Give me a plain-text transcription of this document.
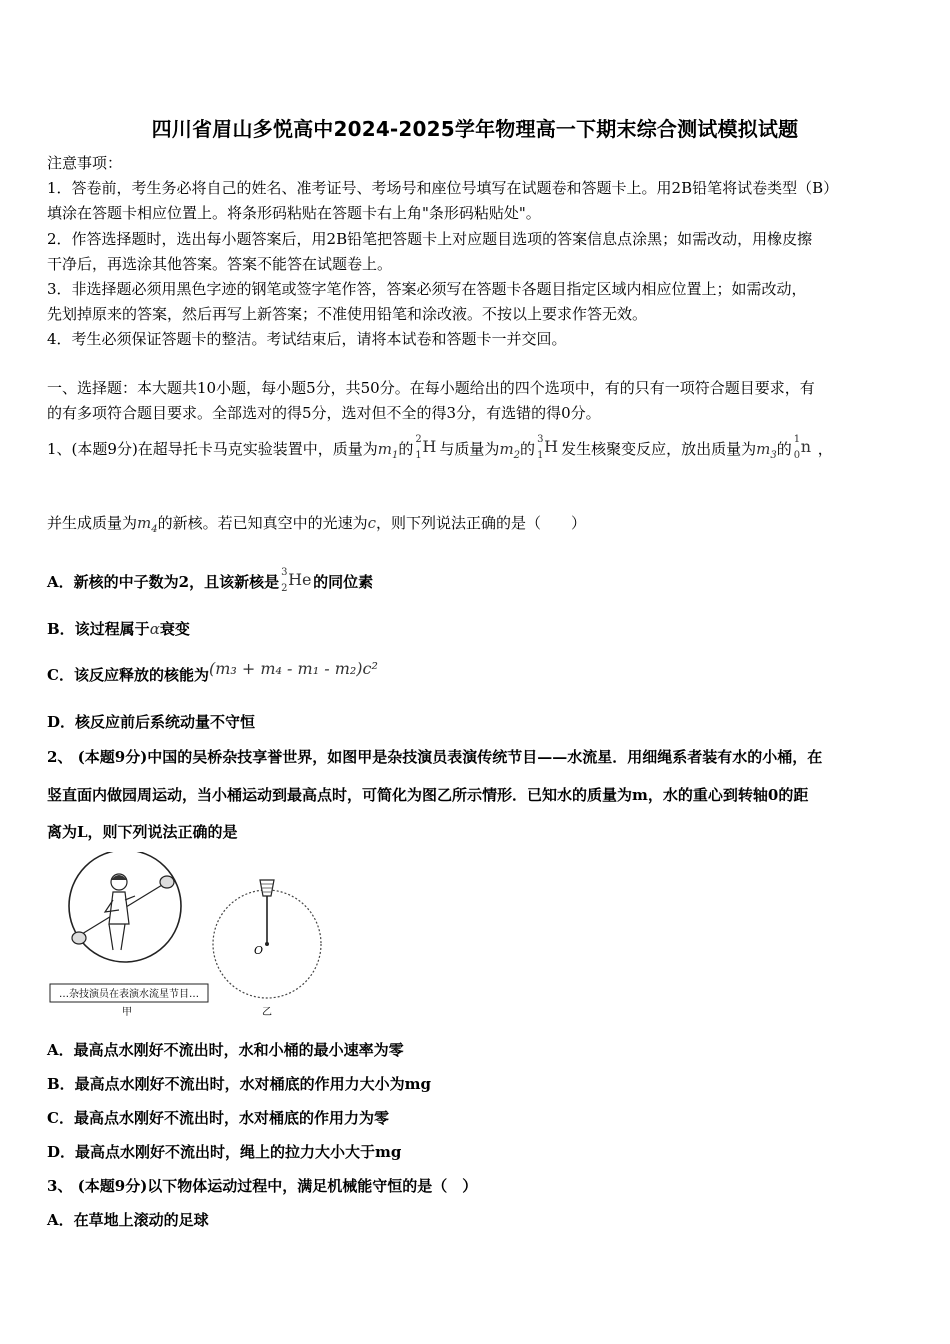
四川省眉山多悦高中2024-2025学年物理高一下期末综合测试模拟试题
注意事项：
1．答卷前，考生务必将自己的姓名、准考证号、考场号和座位号填写在试题卷和答题卡上。用2B铅笔将试卷类型（B）
填涂在答题卡相应位置上。将条形码粘贴在答题卡右上角"条形码粘贴处"。
2．作答选择题时，选出每小题答案后，用2B铅笔把答题卡上对应题目选项的答案信息点涂黑；如需改动，用橡皮擦
干净后，再选涂其他答案。答案不能答在试题卷上。
3．非选择题必须用黑色字迹的钢笔或签字笔作答，答案必须写在答题卡各题目指定区域内相应位置上；如需改动，
先划掉原来的答案，然后再写上新答案；不准使用铅笔和涂改液。不按以上要求作答无效。
4．考生必须保证答题卡的整洁。考试结束后，请将本试卷和答题卡一并交回。
一、选择题：本大题共10小题，每小题5分，共50分。在每小题给出的四个选项中，有的只有一项符合题目要求，有
的有多项符合题目要求。全部选对的得5分，选对但不全的得3分，有选错的得0分。
1、(本题9分)在超导托卡马克实验装置中，质量为$m_1$的
2
1 H 与质量为$m_2$的
3
1 H 发生核聚变反应，放出质量为$m_3$的
1
0 n ，
并生成质量为$m_4$的新核。若已知真空中的光速为c，则下列说法正确的是（　　）
A．新核的中子数为2，且该新核是
3
2 He 的同位素
B．该过程属于α衰变
C．该反应释放的核能为(m₃ + m₄ - m₁ - m₂)c²
D．核反应前后系统动量不守恒
2、 (本题9分)中国的吴桥杂技享誉世界，如图甲是杂技演员表演传统节目——水流星．用细绳系者装有水的小桶，在
竖直面内做园周运动，当小桶运动到最高点时，可简化为图乙所示情形．已知水的质量为m，水的重心到转轴0的距
离为L，则下列说法正确的是
…杂技演员在表演水流星节目…
甲
O
乙
A．最高点水刚好不流出时，水和小桶的最小速率为零
B．最高点水刚好不流出时，水对桶底的作用力大小为mg
C．最高点水刚好不流出时，水对桶底的作用力为零
D．最高点水刚好不流出时，绳上的拉力大小大于mg
3、 (本题9分)以下物体运动过程中，满足机械能守恒的是（　）
A．在草地上滚动的足球
